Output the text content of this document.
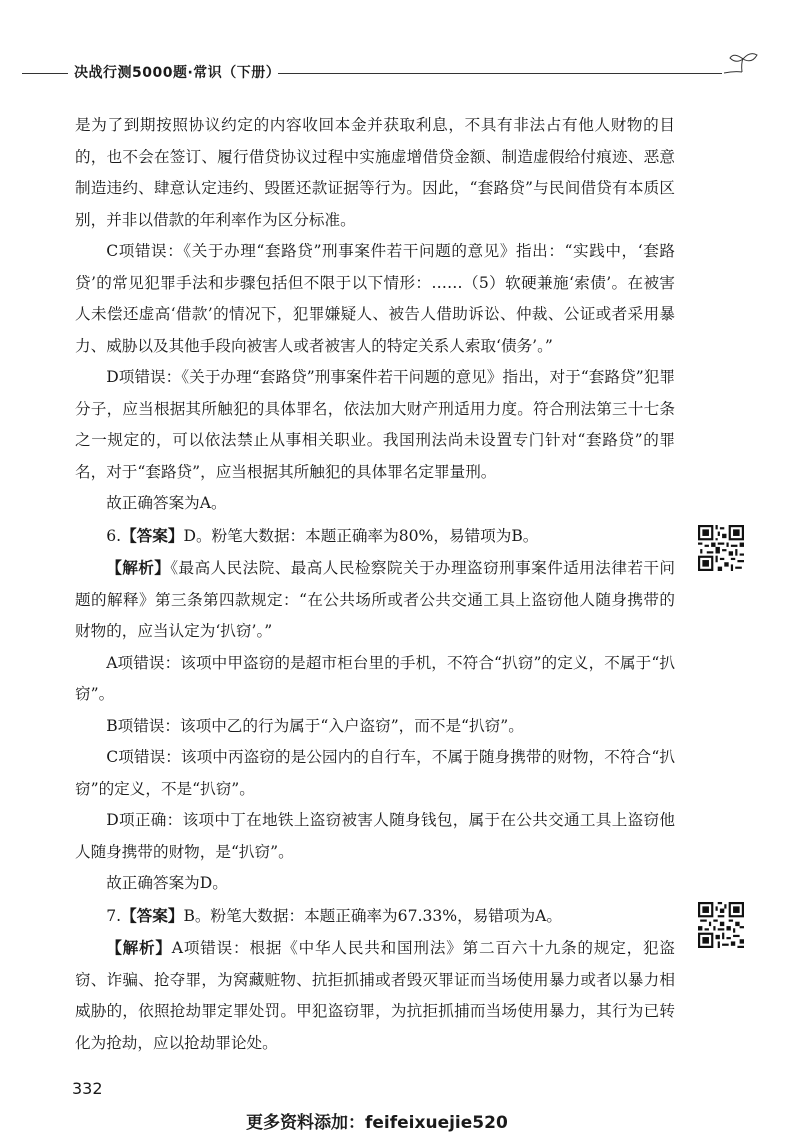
决战行测5000题·常识（下册）

是为了到期按照协议约定的内容收回本金并获取利息，不具有非法占有他人财物的目的，也不会在签订、履行借贷协议过程中实施虚增借贷金额、制造虚假给付痕迹、恶意制造违约、肆意认定违约、毁匿还款证据等行为。因此，“套路贷”与民间借贷有本质区别，并非以借款的年利率作为区分标准。

C项错误：《关于办理“套路贷”刑事案件若干问题的意见》指出：“实践中，‘套路贷’的常见犯罪手法和步骤包括但不限于以下情形：……（5）软硬兼施‘索债’。在被害人未偿还虚高‘借款’的情况下，犯罪嫌疑人、被告人借助诉讼、仲裁、公证或者采用暴力、威胁以及其他手段向被害人或者被害人的特定关系人索取‘债务’。”

D项错误：《关于办理“套路贷”刑事案件若干问题的意见》指出，对于“套路贷”犯罪分子，应当根据其所触犯的具体罪名，依法加大财产刑适用力度。符合刑法第三十七条之一规定的，可以依法禁止从事相关职业。我国刑法尚未设置专门针对“套路贷”的罪名，对于“套路贷”，应当根据其所触犯的具体罪名定罪量刑。

故正确答案为A。

6.【答案】D。粉笔大数据：本题正确率为80%，易错项为B。

【解析】《最高人民法院、最高人民检察院关于办理盗窃刑事案件适用法律若干问题的解释》第三条第四款规定：“在公共场所或者公共交通工具上盗窃他人随身携带的财物的，应当认定为‘扒窃’。”

A项错误：该项中甲盗窃的是超市柜台里的手机，不符合“扒窃”的定义，不属于“扒窃”。

B项错误：该项中乙的行为属于“入户盗窃”，而不是“扒窃”。

C项错误：该项中丙盗窃的是公园内的自行车，不属于随身携带的财物，不符合“扒窃”的定义，不是“扒窃”。

D项正确：该项中丁在地铁上盗窃被害人随身钱包，属于在公共交通工具上盗窃他人随身携带的财物，是“扒窃”。

故正确答案为D。

7.【答案】B。粉笔大数据：本题正确率为67.33%，易错项为A。

【解析】A项错误：根据《中华人民共和国刑法》第二百六十九条的规定，犯盗窃、诈骗、抢夺罪，为窝藏赃物、抗拒抓捕或者毁灭罪证而当场使用暴力或者以暴力相威胁的，依照抢劫罪定罪处罚。甲犯盗窃罪，为抗拒抓捕而当场使用暴力，其行为已转化为抢劫，应以抢劫罪论处。

332
更多资料添加：feifeixuejie520
